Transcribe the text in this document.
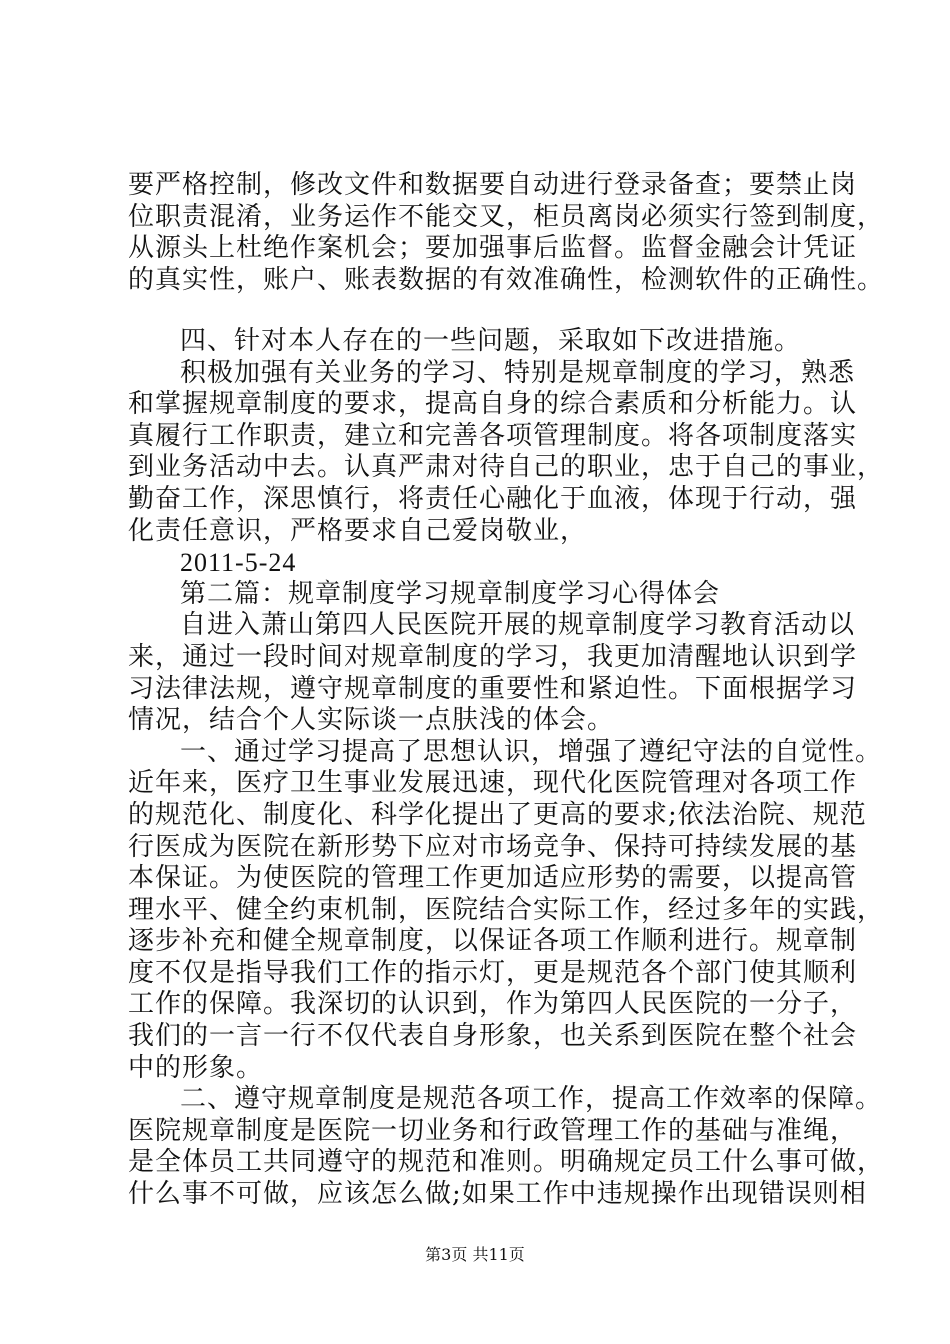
要严格控制，修改文件和数据要自动进行登录备查；要禁止岗
位职责混淆，业务运作不能交叉，柜员离岗必须实行签到制度，
从源头上杜绝作案机会；要加强事后监督。监督金融会计凭证
的真实性，账户、账表数据的有效准确性，检测软件的正确性。
四、针对本人存在的一些问题，采取如下改进措施。
积极加强有关业务的学习、特别是规章制度的学习，熟悉
和掌握规章制度的要求，提高自身的综合素质和分析能力。认
真履行工作职责，建立和完善各项管理制度。将各项制度落实
到业务活动中去。认真严肃对待自己的职业，忠于自己的事业，
勤奋工作，深思慎行，将责任心融化于血液，体现于行动，强
化责任意识，严格要求自己爱岗敬业，
2011-5-24
第二篇：规章制度学习规章制度学习心得体会
自进入萧山第四人民医院开展的规章制度学习教育活动以
来，通过一段时间对规章制度的学习，我更加清醒地认识到学
习法律法规，遵守规章制度的重要性和紧迫性。下面根据学习
情况，结合个人实际谈一点肤浅的体会。
一、通过学习提高了思想认识，增强了遵纪守法的自觉性。
近年来，医疗卫生事业发展迅速，现代化医院管理对各项工作
的规范化、制度化、科学化提出了更高的要求;依法治院、规范
行医成为医院在新形势下应对市场竞争、保持可持续发展的基
本保证。为使医院的管理工作更加适应形势的需要，以提高管
理水平、健全约束机制，医院结合实际工作，经过多年的实践，
逐步补充和健全规章制度，以保证各项工作顺利进行。规章制
度不仅是指导我们工作的指示灯，更是规范各个部门使其顺利
工作的保障。我深切的认识到，作为第四人民医院的一分子，
我们的一言一行不仅代表自身形象，也关系到医院在整个社会
中的形象。
二、遵守规章制度是规范各项工作，提高工作效率的保障。
医院规章制度是医院一切业务和行政管理工作的基础与准绳，
是全体员工共同遵守的规范和准则。明确规定员工什么事可做，
什么事不可做，应该怎么做;如果工作中违规操作出现错误则相
第3页 共11页
